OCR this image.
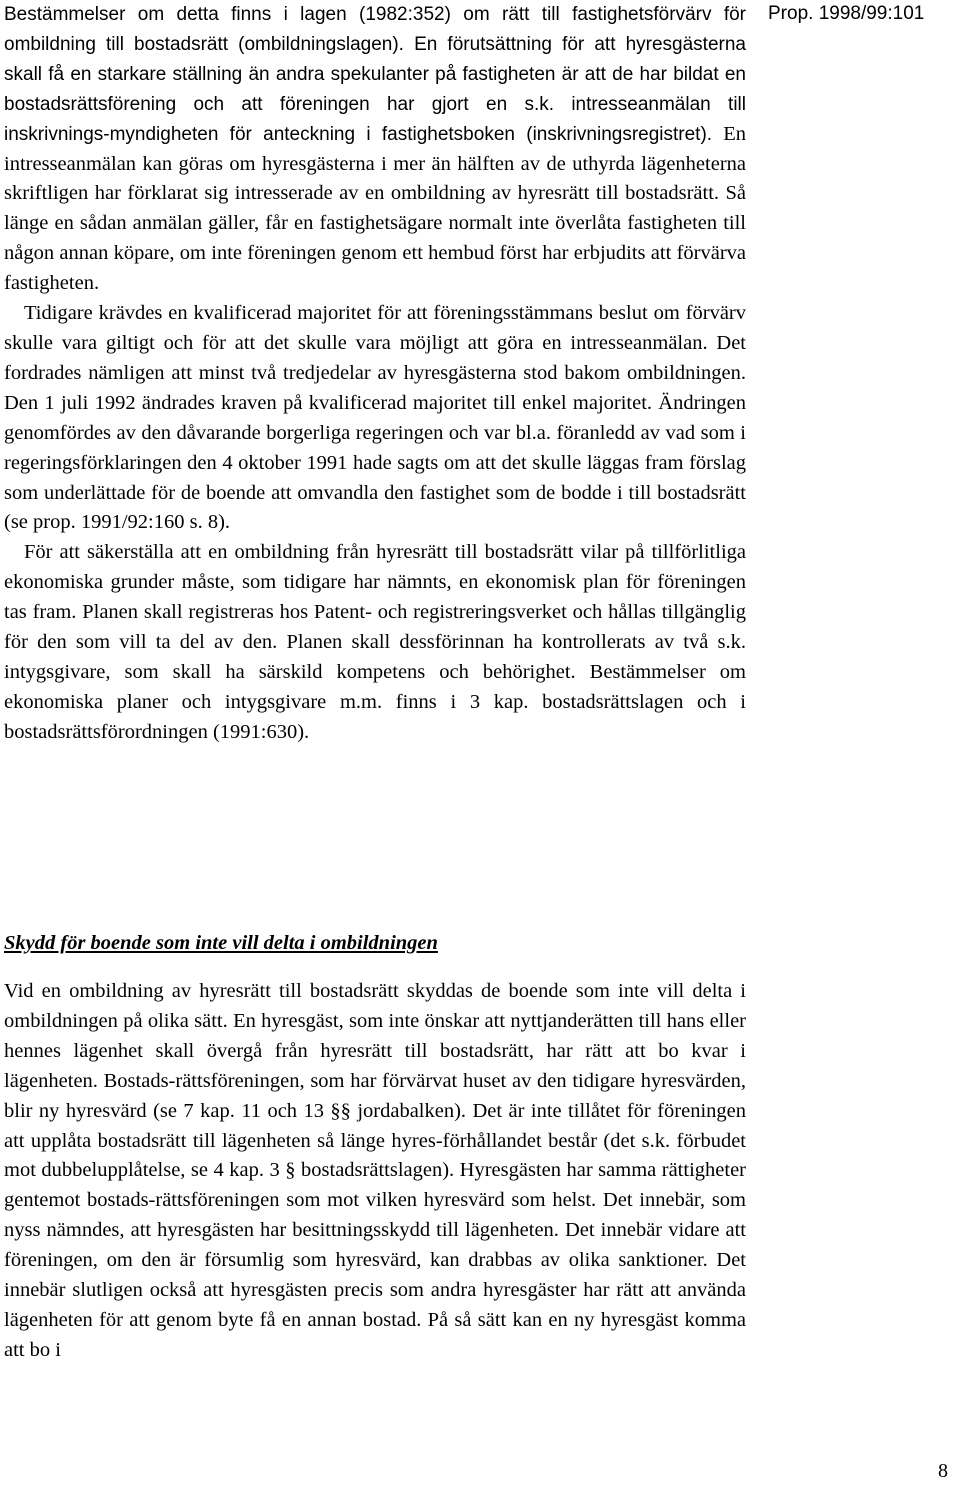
Prop. 1998/99:101

Bestämmelser om detta finns i lagen (1982:352) om rätt till fastighetsförvärv för ombildning till bostadsrätt (ombildningslagen). En förutsättning för att hyresgästerna skall få en starkare ställning än andra spekulanter på fastigheten är att de har bildat en bostadsrättsförening och att föreningen har gjort en s.k. intresseanmälan till inskrivnings-myndigheten för anteckning i fastighetsboken (inskrivningsregistret). En intresseanmälan kan göras om hyresgästerna i mer än hälften av de uthyrda lägenheterna skriftligen har förklarat sig intresserade av en ombildning av hyresrätt till bostadsrätt. Så länge en sådan anmälan gäller, får en fastighetsägare normalt inte överlåta fastigheten till någon annan köpare, om inte föreningen genom ett hembud först har erbjudits att förvärva fastigheten.

Tidigare krävdes en kvalificerad majoritet för att föreningsstämmans beslut om förvärv skulle vara giltigt och för att det skulle vara möjligt att göra en intresseanmälan. Det fordrades nämligen att minst två tredjedelar av hyresgästerna stod bakom ombildningen. Den 1 juli 1992 ändrades kraven på kvalificerad majoritet till enkel majoritet. Ändringen genomfördes av den dåvarande borgerliga regeringen och var bl.a. föranledd av vad som i regeringsförklaringen den 4 oktober 1991 hade sagts om att det skulle läggas fram förslag som underlättade för de boende att omvandla den fastighet som de bodde i till bostadsrätt (se prop. 1991/92:160 s. 8).

För att säkerställa att en ombildning från hyresrätt till bostadsrätt vilar på tillförlitliga ekonomiska grunder måste, som tidigare har nämnts, en ekonomisk plan för föreningen tas fram. Planen skall registreras hos Patent- och registreringsverket och hållas tillgänglig för den som vill ta del av den. Planen skall dessförinnan ha kontrollerats av två s.k. intygsgivare, som skall ha särskild kompetens och behörighet. Bestämmelser om ekonomiska planer och intygsgivare m.m. finns i 3 kap. bostadsrättslagen och i bostadsrättsförordningen (1991:630).

Skydd för boende som inte vill delta i ombildningen

Vid en ombildning av hyresrätt till bostadsrätt skyddas de boende som inte vill delta i ombildningen på olika sätt. En hyresgäst, som inte önskar att nyttjanderätten till hans eller hennes lägenhet skall övergå från hyresrätt till bostadsrätt, har rätt att bo kvar i lägenheten. Bostads-rättsföreningen, som har förvärvat huset av den tidigare hyresvärden, blir ny hyresvärd (se 7 kap. 11 och 13 §§ jordabalken). Det är inte tillåtet för föreningen att upplåta bostadsrätt till lägenheten så länge hyres-förhållandet består (det s.k. förbudet mot dubbelupplåtelse, se 4 kap. 3 § bostadsrättslagen). Hyresgästen har samma rättigheter gentemot bostads-rättsföreningen som mot vilken hyresvärd som helst. Det innebär, som nyss nämndes, att hyresgästen har besittningsskydd till lägenheten. Det innebär vidare att föreningen, om den är försumlig som hyresvärd, kan drabbas av olika sanktioner. Det innebär slutligen också att hyresgästen precis som andra hyresgäster har rätt att använda lägenheten för att genom byte få en annan bostad. På så sätt kan en ny hyresgäst komma att bo i

8
